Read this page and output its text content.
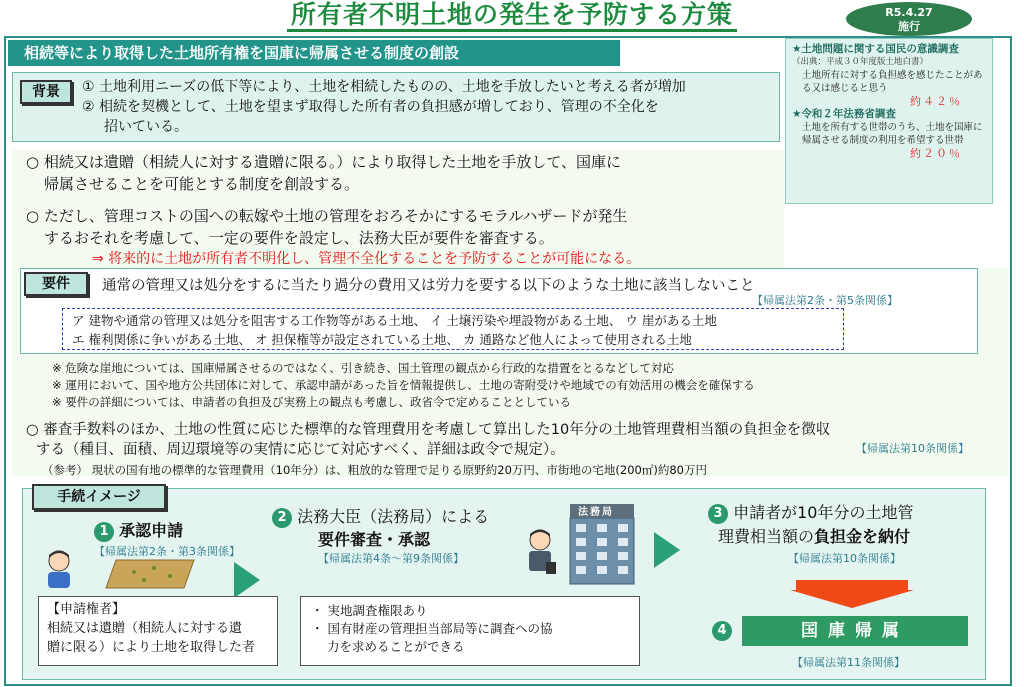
所有者不明土地の発生を予防する方策	R5.4.27
施行
相続等により取得した土地所有権を国庫に帰属させる制度の創設	★土地問題に関する国民の意識調査
（出典：平成３０年度版土地白書）
土地所有に対する負担感を感じたことがある又は感じると思う
約４２％
★令和２年法務省調査
土地を所有する世帯のうち、土地を国庫に帰属させる制度の利用を希望する世帯
約２０％
背景	① 土地利用ニーズの低下等により、土地を相続したものの、土地を手放したいと考える者が増加
② 相続を契機として、土地を望まず取得した所有者の負担感が増しており、管理の不全化を
招いている。
○ 相続又は遺贈（相続人に対する遺贈に限る。）により取得した土地を手放して、国庫に
帰属させることを可能とする制度を創設する。
○ ただし、管理コストの国への転嫁や土地の管理をおろそかにするモラルハザードが発生
するおそれを考慮して、一定の要件を設定し、法務大臣が要件を審査する。
⇒ 将来的に土地が所有者不明化し、管理不全化することを予防することが可能になる。
要件	通常の管理又は処分をするに当たり過分の費用又は労力を要する以下のような土地に該当しないこと
【帰属法第2条・第5条関係】
ア 建物や通常の管理又は処分を阻害する工作物等がある土地、 イ 土壌汚染や埋設物がある土地、 ウ 崖がある土地
エ 権利関係に争いがある土地、 オ 担保権等が設定されている土地、 カ 通路など他人によって使用される土地
※ 危険な崖地については、国庫帰属させるのではなく、引き続き、国土管理の観点から行政的な措置をとるなどして対応
※ 運用において、国や地方公共団体に対して、承認申請があった旨を情報提供し、土地の寄附受けや地域での有効活用の機会を確保する
※ 要件の詳細については、申請者の負担及び実務上の観点も考慮し、政省令で定めることとしている
○ 審査手数料のほか、土地の性質に応じた標準的な管理費用を考慮して算出した10年分の土地管理費相当額の負担金を徴収
する（種目、面積、周辺環境等の実情に応じて対応すべく、詳細は政令で規定）。	【帰属法第10条関係】
（参考） 現状の国有地の標準的な管理費用（10年分）は、粗放的な管理で足りる原野約20万円、市街地の宅地(200㎡)約80万円
手続イメージ
1 承認申請
【帰属法第2条・第3条関係】
【申請権者】
相続又は遺贈（相続人に対する遺
贈に限る）により土地を取得した者
2 法務大臣（法務局）による
要件審査・承認
【帰属法第4条～第9条関係】
法務局
・ 実地調査権限あり
・ 国有財産の管理担当部局等に調査への協
力を求めることができる
3 申請者が10年分の土地管
理費相当額の負担金を納付
【帰属法第10条関係】
4	国庫帰属
【帰属法第11条関係】
